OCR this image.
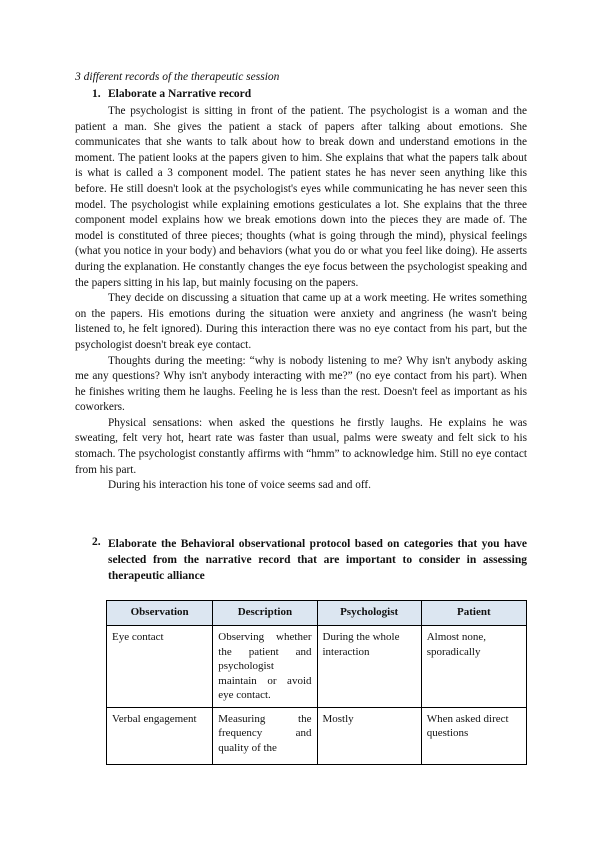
3 different records of the therapeutic session
1. Elaborate a Narrative record

The psychologist is sitting in front of the patient. The psychologist is a woman and the patient a man. She gives the patient a stack of papers after talking about emotions. She communicates that she wants to talk about how to break down and understand emotions in the moment. The patient looks at the papers given to him. She explains that what the papers talk about is what is called a 3 component model. The patient states he has never seen anything like this before. He still doesn't look at the psychologist's eyes while communicating he has never seen this model. The psychologist while explaining emotions gesticulates a lot. She explains that the three component model explains how we break emotions down into the pieces they are made of. The model is constituted of three pieces; thoughts (what is going through the mind), physical feelings (what you notice in your body) and behaviors (what you do or what you feel like doing). He asserts during the explanation. He constantly changes the eye focus between the psychologist speaking and the papers sitting in his lap, but mainly focusing on the papers.

They decide on discussing a situation that came up at a work meeting. He writes something on the papers. His emotions during the situation were anxiety and angriness (he wasn't being listened to, he felt ignored). During this interaction there was no eye contact from his part, but the psychologist doesn't break eye contact.

Thoughts during the meeting: “why is nobody listening to me? Why isn't anybody asking me any questions? Why isn't anybody interacting with me?” (no eye contact from his part). When he finishes writing them he laughs. Feeling he is less than the rest. Doesn't feel as important as his coworkers.

Physical sensations: when asked the questions he firstly laughs. He explains he was sweating, felt very hot, heart rate was faster than usual, palms were sweaty and felt sick to his stomach. The psychologist constantly affirms with “hmm” to acknowledge him. Still no eye contact from his part.

During his interaction his tone of voice seems sad and off.

2. Elaborate the Behavioral observational protocol based on categories that you have selected from the narrative record that are important to consider in assessing therapeutic alliance
Observation	Description	Psychologist	Patient
Eye contact	Observing whether the patient and psychologist maintain or avoid eye contact.	During the whole interaction	Almost none, sporadically
Verbal engagement	Measuring the frequency and quality of the	Mostly	When asked direct questions
